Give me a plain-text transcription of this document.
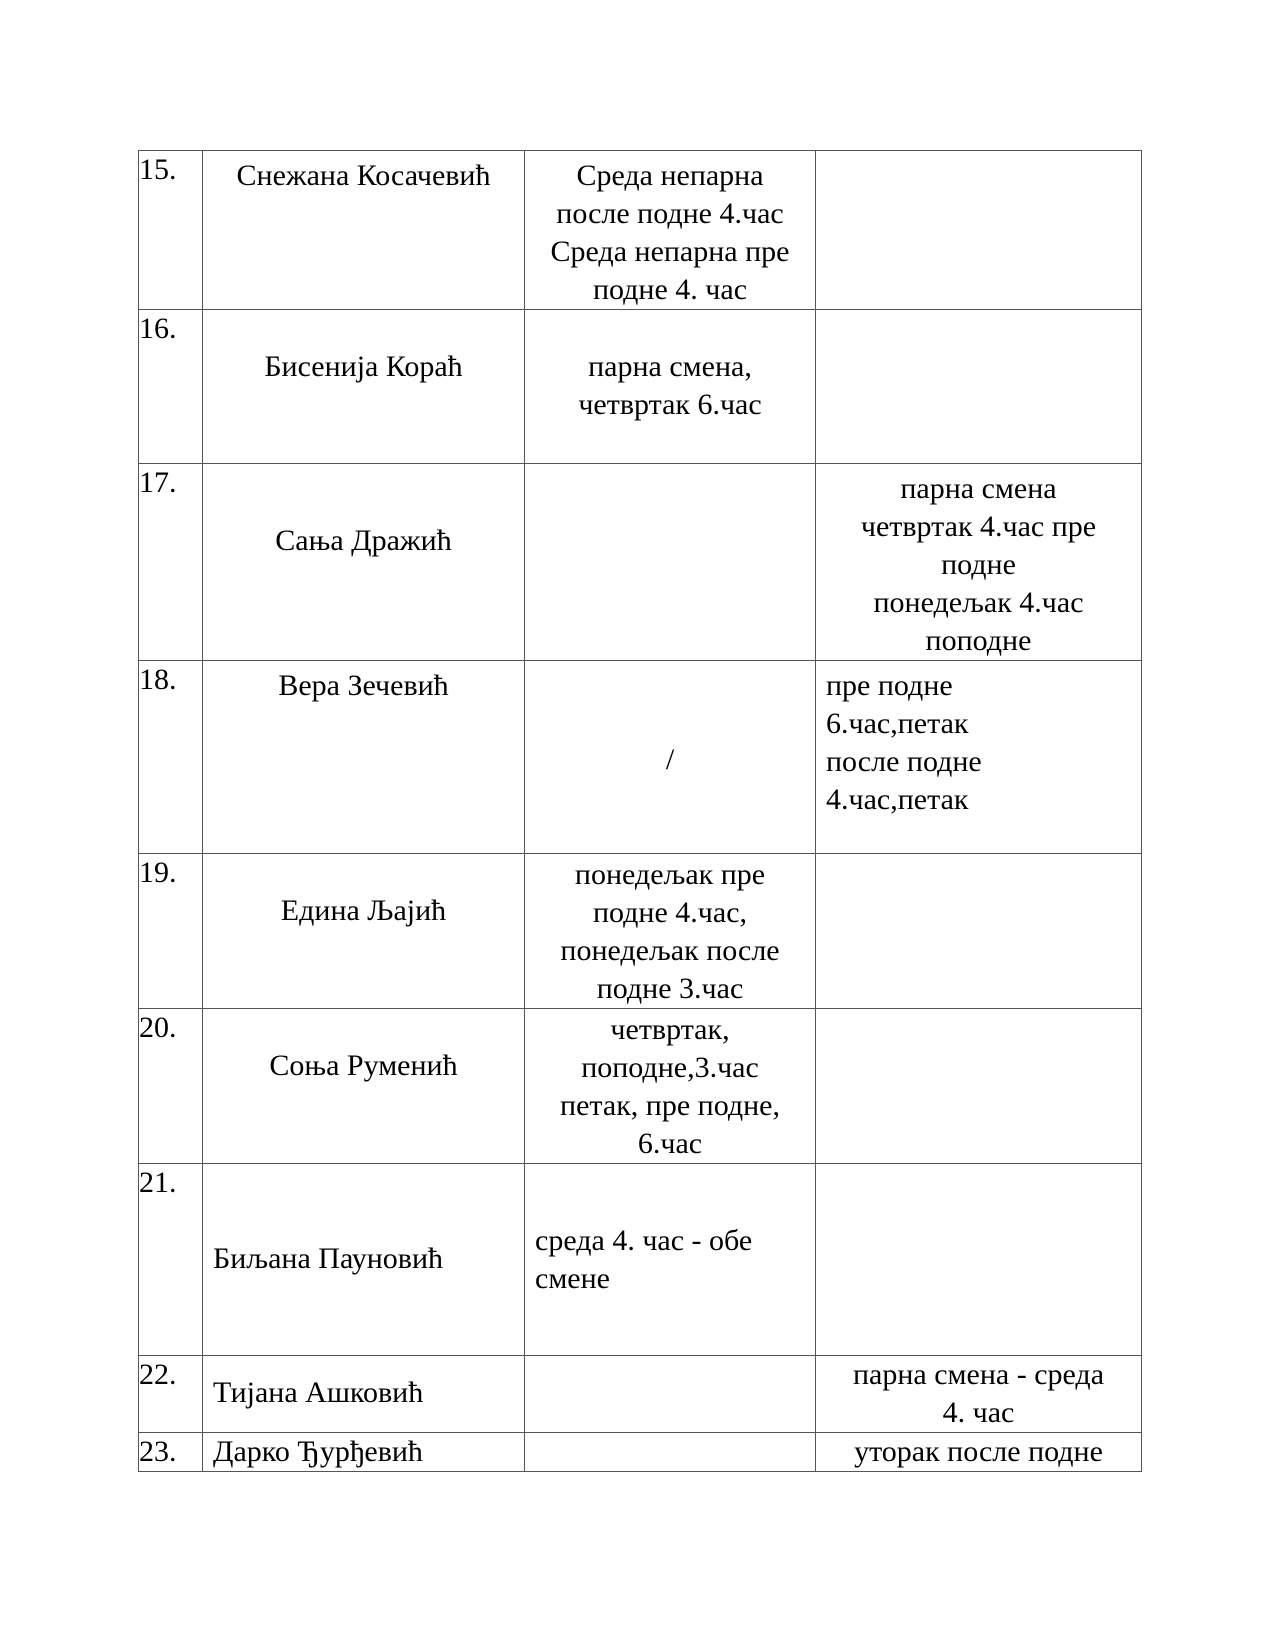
15.	Снежана Косачевић	Среда непарна
после подне 4.час
Среда непарна пре
подне 4. час	

16.	Бисенија Корaћ	парна смена,
четвртак 6.час	

17.	Сања Дражић		парна смена
четвртак 4.час пре
подне
понедељак 4.час
поподне

18.	Вера Зечевић	/	пре подне
6.час,петак
после подне
4.час,петак

19.	Едина Љајић	понедељак пре
подне 4.час,
понедељак после
подне 3.час	

20.	Соња Руменић	четвртак,
поподне,3.час
петак, пре подне,
6.час	

21.	Биљана Пауновић	среда 4. час - обе
смене	

22.	Тијана Ашковић		парна смена - среда
4. час

23.	Дарко Ђурђевић		уторак после подне
